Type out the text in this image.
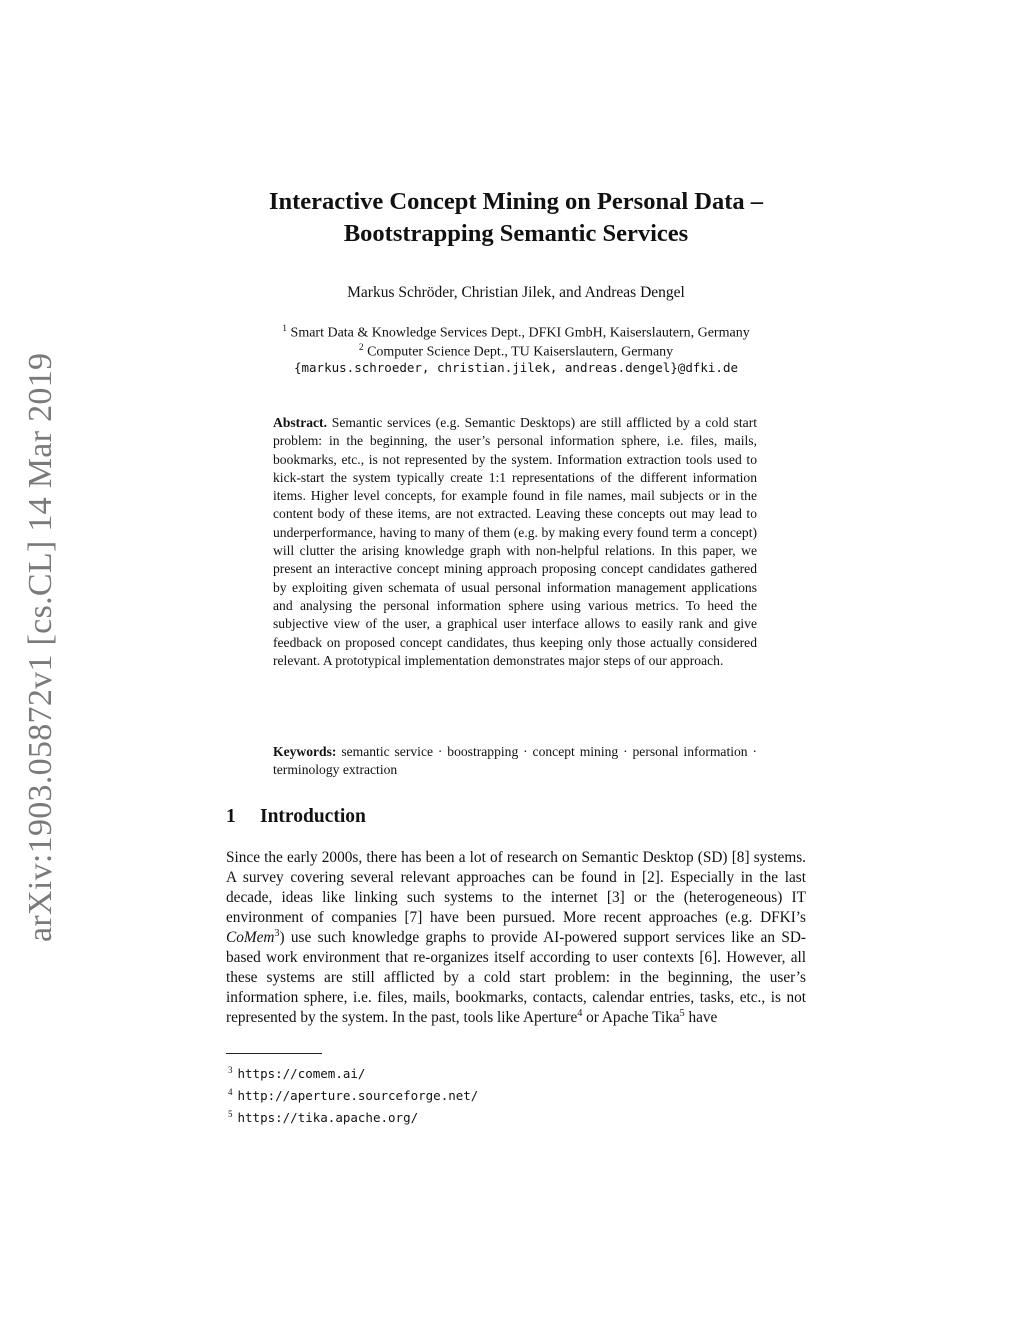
arXiv:1903.05872v1 [cs.CL] 14 Mar 2019
Interactive Concept Mining on Personal Data –
Bootstrapping Semantic Services
Markus Schröder, Christian Jilek, and Andreas Dengel
$^1$ Smart Data & Knowledge Services Dept., DFKI GmbH, Kaiserslautern, Germany
$^2$ Computer Science Dept., TU Kaiserslautern, Germany
{markus.schroeder, christian.jilek, andreas.dengel}@dfki.de
Abstract. Semantic services (e.g. Semantic Desktops) are still afflicted by a cold start problem: in the beginning, the user’s personal information sphere, i.e. files, mails, bookmarks, etc., is not represented by the system. Information extraction tools used to kick-start the system typically create 1:1 representations of the different information items. Higher level concepts, for example found in file names, mail subjects or in the content body of these items, are not extracted. Leaving these concepts out may lead to underperformance, having to many of them (e.g. by making every found term a concept) will clutter the arising knowledge graph with non-helpful relations. In this paper, we present an interactive concept mining approach proposing concept candidates gathered by exploiting given schemata of usual personal information management applications and analysing the personal information sphere using various metrics. To heed the subjective view of the user, a graphical user interface allows to easily rank and give feedback on proposed concept candidates, thus keeping only those actually considered relevant. A prototypical implementation demonstrates major steps of our approach.
Keywords: semantic service · boostrapping · concept mining · personal information · terminology extraction
1 Introduction
Since the early 2000s, there has been a lot of research on Semantic Desktop (SD) [8] systems. A survey covering several relevant approaches can be found in [2]. Especially in the last decade, ideas like linking such systems to the internet [3] or the (heterogeneous) IT environment of companies [7] have been pursued. More recent approaches (e.g. DFKI’s CoMem$^3$) use such knowledge graphs to provide AI-powered support services like an SD-based work environment that re-organizes itself according to user contexts [6]. However, all these systems are still afflicted by a cold start problem: in the beginning, the user’s information sphere, i.e. files, mails, bookmarks, contacts, calendar entries, tasks, etc., is not represented by the system. In the past, tools like Aperture$^4$ or Apache Tika$^5$ have
$^3$ https://comem.ai/
$^4$ http://aperture.sourceforge.net/
$^5$ https://tika.apache.org/
